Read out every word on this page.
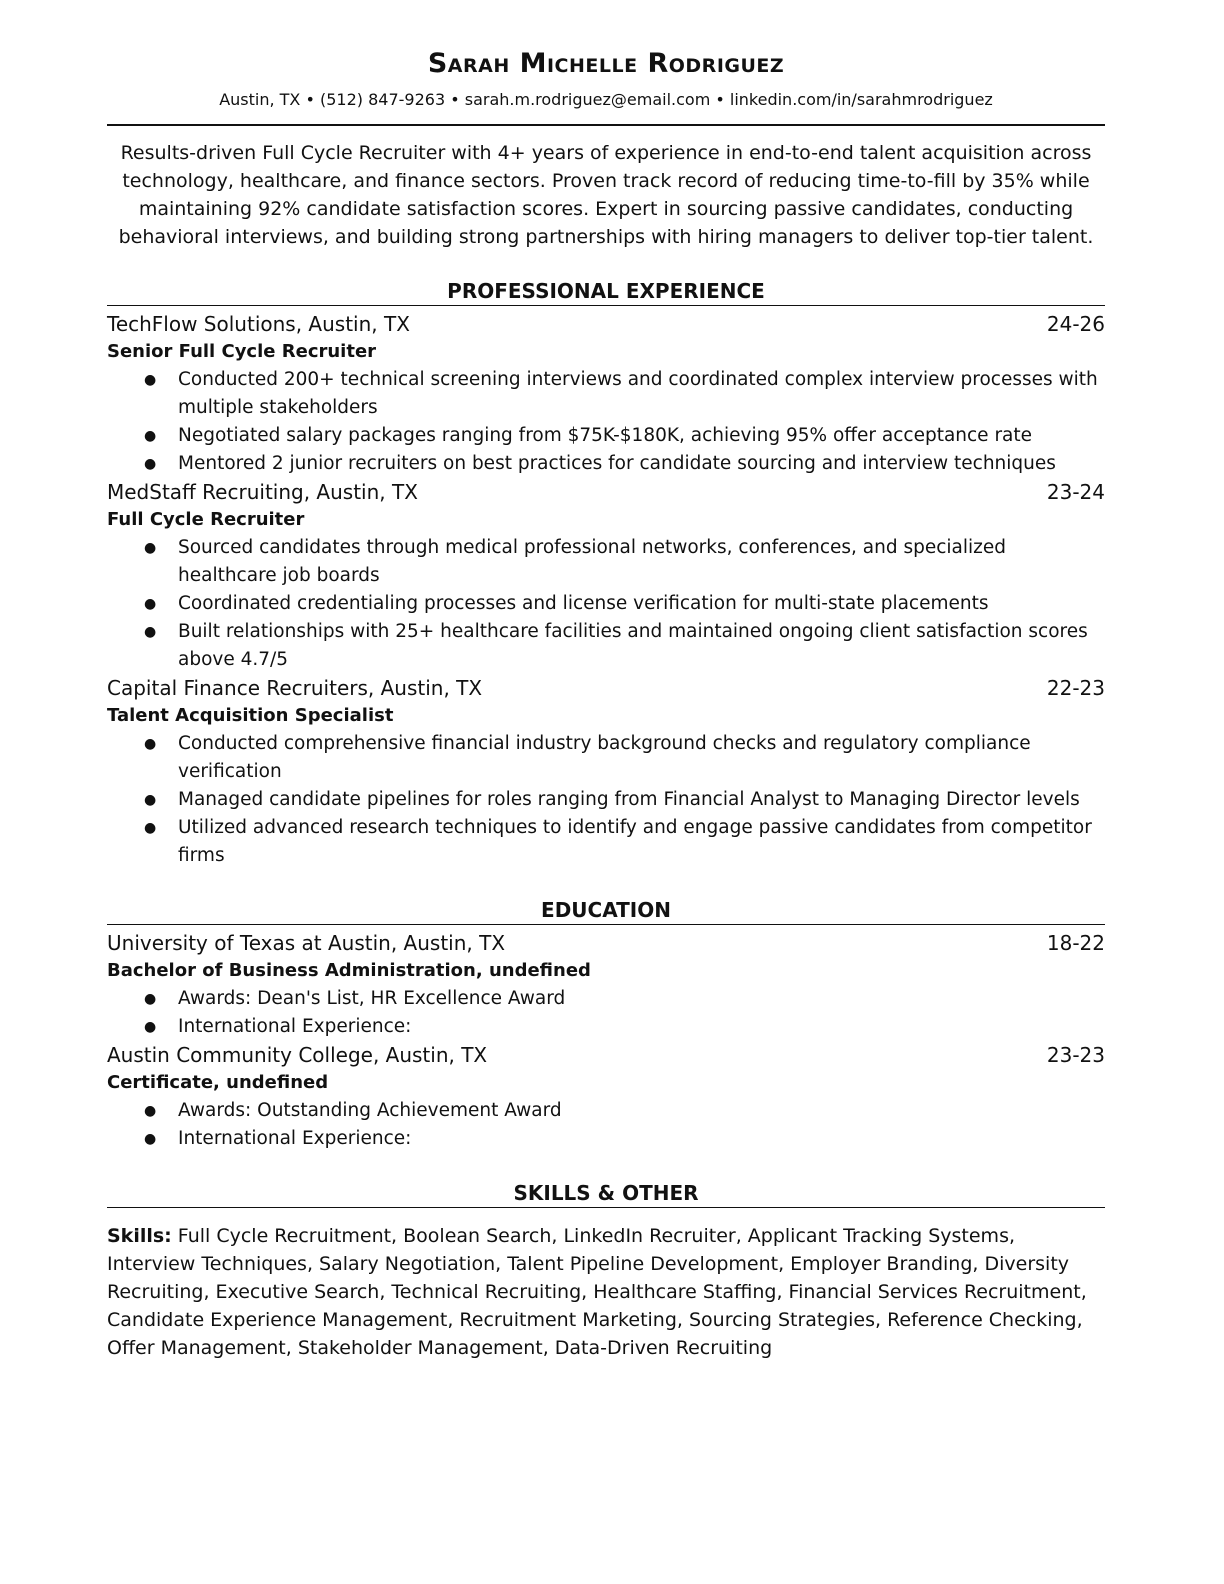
Sarah Michelle Rodriguez
Austin, TX • (512) 847-9263 • sarah.m.rodriguez@email.com • linkedin.com/in/sarahmrodriguez
Results-driven Full Cycle Recruiter with 4+ years of experience in end-to-end talent acquisition across technology, healthcare, and finance sectors. Proven track record of reducing time-to-fill by 35% while maintaining 92% candidate satisfaction scores. Expert in sourcing passive candidates, conducting behavioral interviews, and building strong partnerships with hiring managers to deliver top-tier talent.
PROFESSIONAL EXPERIENCE
TechFlow Solutions, Austin, TX	24-26
Senior Full Cycle Recruiter
● Conducted 200+ technical screening interviews and coordinated complex interview processes with multiple stakeholders
● Negotiated salary packages ranging from $75K-$180K, achieving 95% offer acceptance rate
● Mentored 2 junior recruiters on best practices for candidate sourcing and interview techniques
MedStaff Recruiting, Austin, TX	23-24
Full Cycle Recruiter
● Sourced candidates through medical professional networks, conferences, and specialized healthcare job boards
● Coordinated credentialing processes and license verification for multi-state placements
● Built relationships with 25+ healthcare facilities and maintained ongoing client satisfaction scores above 4.7/5
Capital Finance Recruiters, Austin, TX	22-23
Talent Acquisition Specialist
● Conducted comprehensive financial industry background checks and regulatory compliance verification
● Managed candidate pipelines for roles ranging from Financial Analyst to Managing Director levels
● Utilized advanced research techniques to identify and engage passive candidates from competitor firms
EDUCATION
University of Texas at Austin, Austin, TX	18-22
Bachelor of Business Administration, undefined
● Awards: Dean's List, HR Excellence Award
● International Experience:
Austin Community College, Austin, TX	23-23
Certificate, undefined
● Awards: Outstanding Achievement Award
● International Experience:
SKILLS & OTHER
Skills: Full Cycle Recruitment, Boolean Search, LinkedIn Recruiter, Applicant Tracking Systems, Interview Techniques, Salary Negotiation, Talent Pipeline Development, Employer Branding, Diversity Recruiting, Executive Search, Technical Recruiting, Healthcare Staffing, Financial Services Recruitment, Candidate Experience Management, Recruitment Marketing, Sourcing Strategies, Reference Checking, Offer Management, Stakeholder Management, Data-Driven Recruiting
